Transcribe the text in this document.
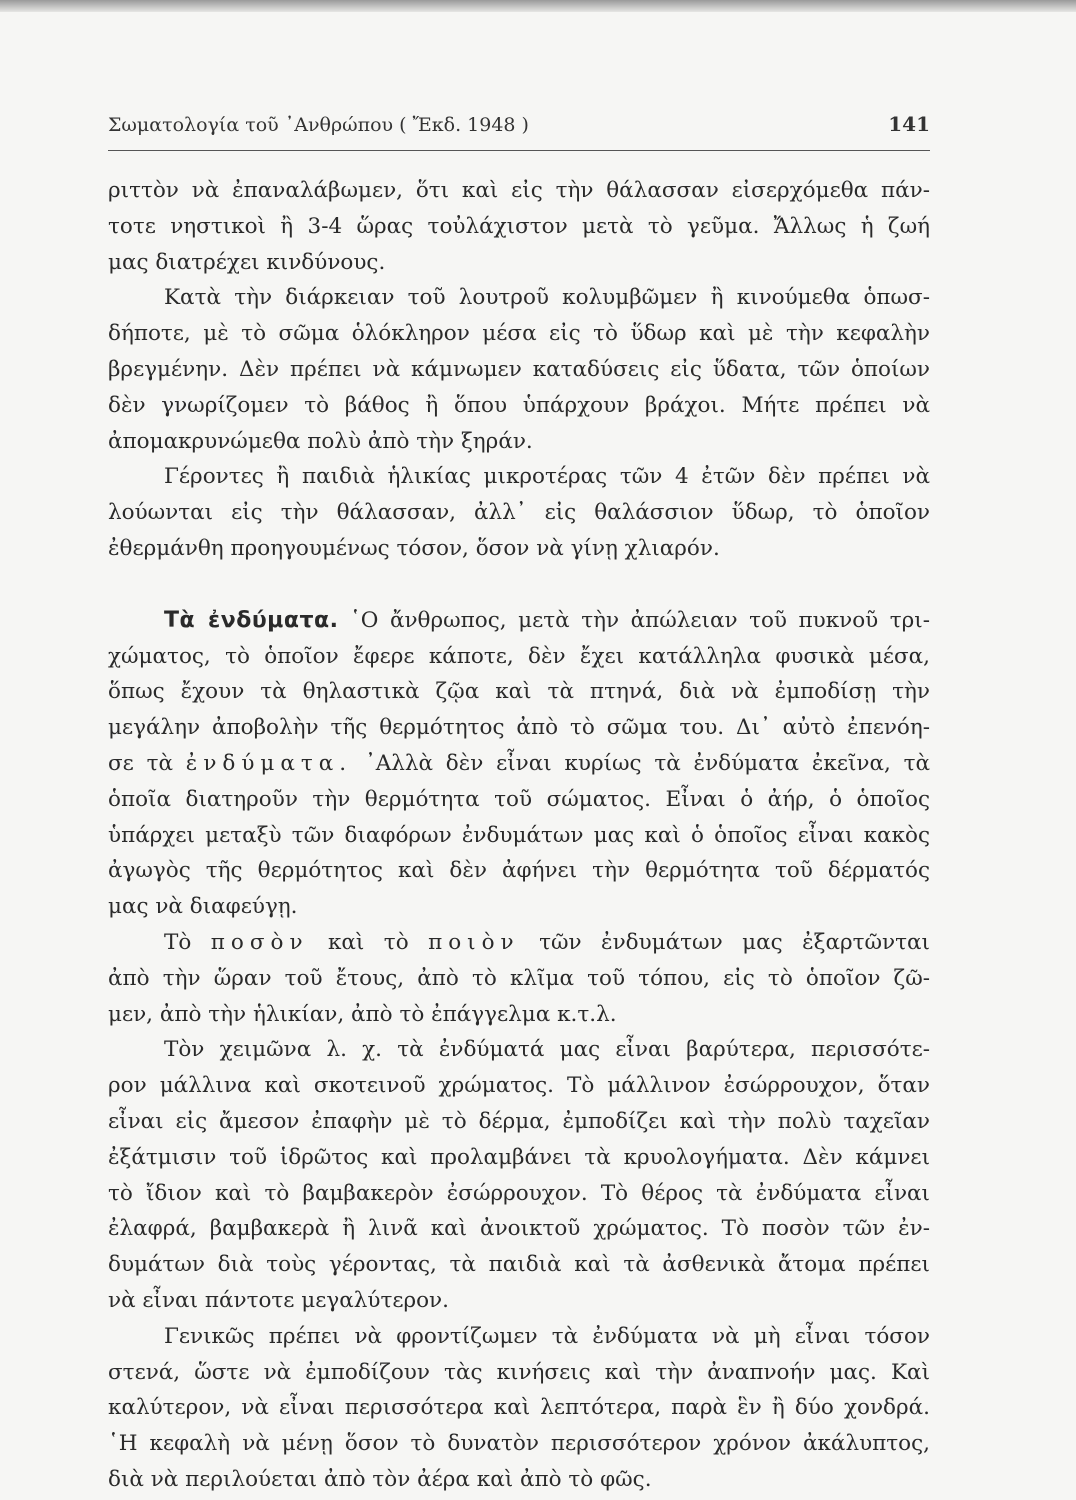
Σωματολογία τοῦ ᾿Ανθρώπου ( Ἔκδ. 1948 )	141
ριττὸν νὰ ἐπαναλάβωμεν, ὅτι καὶ εἰς τὴν θάλασσαν εἰσερχόμεθα πάν-
τοτε νηστικοὶ ἢ 3-4 ὥρας τοὐλάχιστον μετὰ τὸ γεῦμα. Ἄλλως ἡ ζωή
μας διατρέχει κινδύνους.
Κατὰ τὴν διάρκειαν τοῦ λουτροῦ κολυμβῶμεν ἢ κινούμεθα ὁπωσ-
δήποτε, μὲ τὸ σῶμα ὁλόκληρον μέσα εἰς τὸ ὕδωρ καὶ μὲ τὴν κεφαλὴν
βρεγμένην. Δὲν πρέπει νὰ κάμνωμεν καταδύσεις εἰς ὕδατα, τῶν ὁποίων
δὲν γνωρίζομεν τὸ βάθος ἢ ὅπου ὑπάρχουν βράχοι. Μήτε πρέπει νὰ
ἀπομακρυνώμεθα πολὺ ἀπὸ τὴν ξηράν.
Γέροντες ἢ παιδιὰ ἡλικίας μικροτέρας τῶν 4 ἐτῶν δὲν πρέπει νὰ
λούωνται εἰς τὴν θάλασσαν, ἀλλ᾿ εἰς θαλάσσιον ὕδωρ, τὸ ὁποῖον
ἐθερμάνθη προηγουμένως τόσον, ὅσον νὰ γίνῃ χλιαρόν.
Τὰ ἐνδύματα. ῾Ο ἄνθρωπος, μετὰ τὴν ἀπώλειαν τοῦ πυκνοῦ τρι-
χώματος, τὸ ὁποῖον ἔφερε κάποτε, δὲν ἔχει κατάλληλα φυσικὰ μέσα,
ὅπως ἔχουν τὰ θηλαστικὰ ζῷα καὶ τὰ πτηνά, διὰ νὰ ἐμποδίσῃ τὴν
μεγάλην ἀποβολὴν τῆς θερμότητος ἀπὸ τὸ σῶμα του. Δι᾿ αὐτὸ ἐπενόη-
σε τὰ ἐνδύματα. ᾿Αλλὰ δὲν εἶναι κυρίως τὰ ἐνδύματα ἐκεῖνα, τὰ
ὁποῖα διατηροῦν τὴν θερμότητα τοῦ σώματος. Εἶναι ὁ ἀήρ, ὁ ὁποῖος
ὑπάρχει μεταξὺ τῶν διαφόρων ἐνδυμάτων μας καὶ ὁ ὁποῖος εἶναι κακὸς
ἀγωγὸς τῆς θερμότητος καὶ δὲν ἀφήνει τὴν θερμότητα τοῦ δέρματός
μας νὰ διαφεύγῃ.
Τὸ ποσὸν καὶ τὸ ποιὸν τῶν ἐνδυμάτων μας ἐξαρτῶνται
ἀπὸ τὴν ὥραν τοῦ ἔτους, ἀπὸ τὸ κλῖμα τοῦ τόπου, εἰς τὸ ὁποῖον ζῶ-
μεν, ἀπὸ τὴν ἡλικίαν, ἀπὸ τὸ ἐπάγγελμα κ.τ.λ.
Τὸν χειμῶνα λ. χ. τὰ ἐνδύματά μας εἶναι βαρύτερα, περισσότε-
ρον μάλλινα καὶ σκοτεινοῦ χρώματος. Τὸ μάλλινον ἐσώρρουχον, ὅταν
εἶναι εἰς ἄμεσον ἐπαφὴν μὲ τὸ δέρμα, ἐμποδίζει καὶ τὴν πολὺ ταχεῖαν
ἐξάτμισιν τοῦ ἱδρῶτος καὶ προλαμβάνει τὰ κρυολογήματα. Δὲν κάμνει
τὸ ἴδιον καὶ τὸ βαμβακερὸν ἐσώρρουχον. Τὸ θέρος τὰ ἐνδύματα εἶναι
ἐλαφρά, βαμβακερὰ ἢ λινᾶ καὶ ἀνοικτοῦ χρώματος. Τὸ ποσὸν τῶν ἐν-
δυμάτων διὰ τοὺς γέροντας, τὰ παιδιὰ καὶ τὰ ἀσθενικὰ ἄτομα πρέπει
νὰ εἶναι πάντοτε μεγαλύτερον.
Γενικῶς πρέπει νὰ φροντίζωμεν τὰ ἐνδύματα νὰ μὴ εἶναι τόσον
στενά, ὥστε νὰ ἐμποδίζουν τὰς κινήσεις καὶ τὴν ἀναπνοήν μας. Καὶ
καλύτερον, νὰ εἶναι περισσότερα καὶ λεπτότερα, παρὰ ἓν ἢ δύο χονδρά.
῾Η κεφαλὴ νὰ μένῃ ὅσον τὸ δυνατὸν περισσότερον χρόνον ἀκάλυπτος,
διὰ νὰ περιλούεται ἀπὸ τὸν ἀέρα καὶ ἀπὸ τὸ φῶς.
